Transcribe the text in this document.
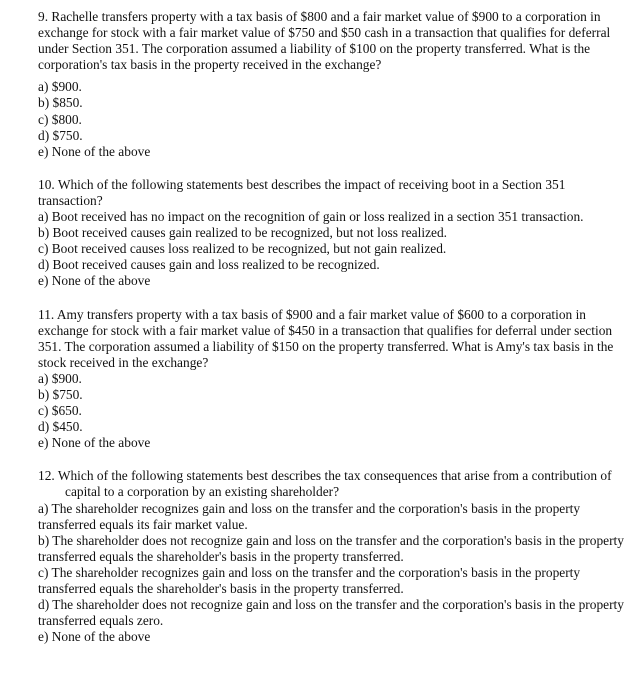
9. Rachelle transfers property with a tax basis of $800 and a fair market value of $900 to a corporation in exchange for stock with a fair market value of $750 and $50 cash in a transaction that qualifies for deferral under Section 351. The corporation assumed a liability of $100 on the property transferred. What is the corporation's tax basis in the property received in the exchange?

a) $900.
b) $850.
c) $800.
d) $750.
e) None of the above

10. Which of the following statements best describes the impact of receiving boot in a Section 351 transaction?

a) Boot received has no impact on the recognition of gain or loss realized in a section 351 transaction.
b) Boot received causes gain realized to be recognized, but not loss realized.
c) Boot received causes loss realized to be recognized, but not gain realized.
d) Boot received causes gain and loss realized to be recognized.
e) None of the above

11. Amy transfers property with a tax basis of $900 and a fair market value of $600 to a corporation in exchange for stock with a fair market value of $450 in a transaction that qualifies for deferral under section 351. The corporation assumed a liability of $150 on the property transferred. What is Amy's tax basis in the stock received in the exchange?

a) $900.
b) $750.
c) $650.
d) $450.
e) None of the above

12. Which of the following statements best describes the tax consequences that arise from a contribution of capital to a corporation by an existing shareholder?

a) The shareholder recognizes gain and loss on the transfer and the corporation's basis in the property transferred equals its fair market value.
b) The shareholder does not recognize gain and loss on the transfer and the corporation's basis in the property transferred equals the shareholder's basis in the property transferred.
c) The shareholder recognizes gain and loss on the transfer and the corporation's basis in the property transferred equals the shareholder's basis in the property transferred.
d) The shareholder does not recognize gain and loss on the transfer and the corporation's basis in the property transferred equals zero.
e) None of the above
